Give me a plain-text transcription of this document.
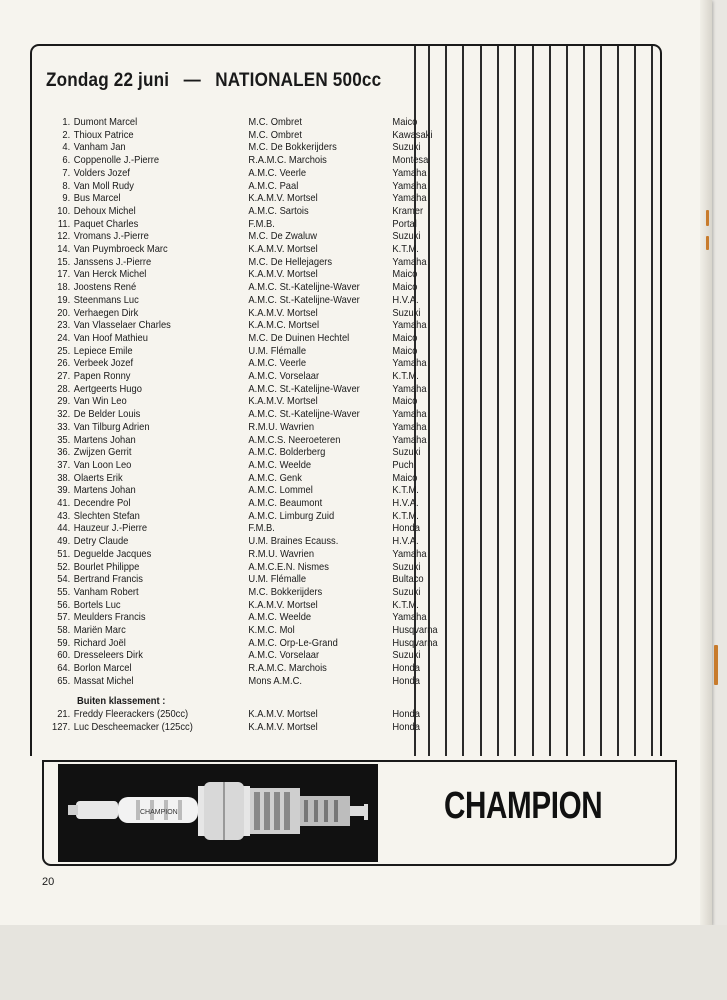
Zondag 22 juni — NATIONALEN 500cc
1. Dumont Marcel	M.C. Ombret	Maico
2. Thioux Patrice	M.C. Ombret	Kawasaki
4. Vanham Jan	M.C. De Bokkerijders	Suzuki
6. Coppenolle J.-Pierre	R.A.M.C. Marchois	Montesa
7. Volders Jozef	A.M.C. Veerle	Yamaha
8. Van Moll Rudy	A.M.C. Paal	Yamaha
9. Bus Marcel	K.A.M.V. Mortsel	Yamaha
10. Dehoux Michel	A.M.C. Sartois	Kramer
11. Paquet Charles	F.M.B.	Portal
12. Vromans J.-Pierre	M.C. De Zwaluw	Suzuki
14. Van Puymbroeck Marc	K.A.M.V. Mortsel	K.T.M.
15. Janssens J.-Pierre	M.C. De Hellejagers	Yamaha
17. Van Herck Michel	K.A.M.V. Mortsel	Maico
18. Joostens René	A.M.C. St.-Katelijne-Waver	Maico
19. Steenmans Luc	A.M.C. St.-Katelijne-Waver	H.V.A.
20. Verhaegen Dirk	K.A.M.V. Mortsel	Suzuki
23. Van Vlasselaer Charles	K.A.M.C. Mortsel	Yamaha
24. Van Hoof Mathieu	M.C. De Duinen Hechtel	Maico
25. Lepiece Emile	U.M. Flémalle	Maico
26. Verbeek Jozef	A.M.C. Veerle	Yamaha
27. Papen Ronny	A.M.C. Vorselaar	K.T.M.
28. Aertgeerts Hugo	A.M.C. St.-Katelijne-Waver	Yamaha
29. Van Win Leo	K.A.M.V. Mortsel	Maico
32. De Belder Louis	A.M.C. St.-Katelijne-Waver	Yamaha
33. Van Tilburg Adrien	R.M.U. Wavrien	Yamaha
35. Martens Johan	A.M.C.S. Neeroeteren	Yamaha
36. Zwijzen Gerrit	A.M.C. Bolderberg	Suzuki
37. Van Loon Leo	A.M.C. Weelde	Puch
38. Olaerts Erik	A.M.C. Genk	Maico
39. Martens Johan	A.M.C. Lommel	K.T.M.
41. Decendre Pol	A.M.C. Beaumont	H.V.A.
43. Slechten Stefan	A.M.C. Limburg Zuid	K.T.M.
44. Hauzeur J.-Pierre	F.M.B.	Honda
49. Detry Claude	U.M. Braines Ecauss.	H.V.A.
51. Deguelde Jacques	R.M.U. Wavrien	Yamaha
52. Bourlet Philippe	A.M.C.E.N. Nismes	Suzuki
54. Bertrand Francis	U.M. Flémalle	Bultaco
55. Vanham Robert	M.C. Bokkerijders	Suzuki
56. Bortels Luc	K.A.M.V. Mortsel	K.T.M.
57. Meulders Francis	A.M.C. Weelde	Yamaha
58. Mariën Marc	K.M.C. Mol	Husqvarna
59. Richard Joël	A.M.C. Orp-Le-Grand	Husqvarna
60. Dresseleers Dirk	A.M.C. Vorselaar	Suzuki
64. Borlon Marcel	R.A.M.C. Marchois	Honda
65. Massat Michel	Mons A.M.C.	Honda
Buiten klassement :
21. Freddy Fleerackers (250cc)	K.A.M.V. Mortsel	Honda
127. Luc Descheemacker (125cc)	K.A.M.V. Mortsel	Honda
CHAMPION	CHAMPION
20
